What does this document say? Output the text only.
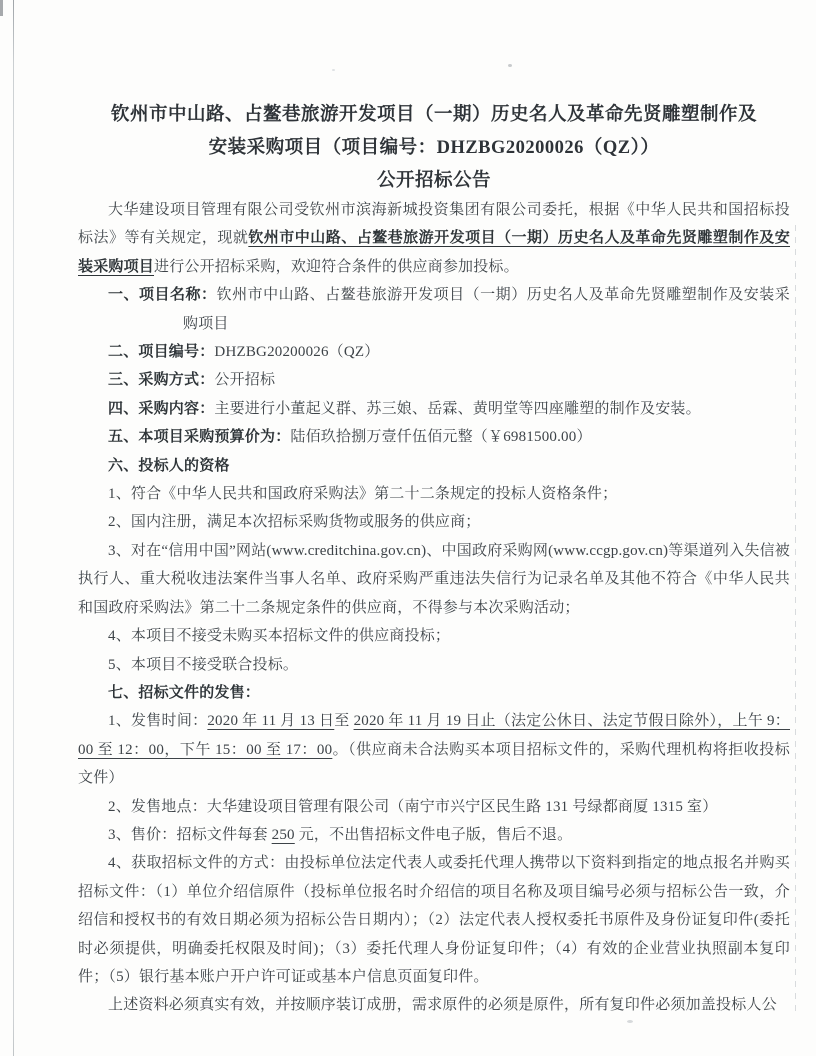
钦州市中山路、占鳌巷旅游开发项目（一期）历史名人及革命先贤雕塑制作及
安装采购项目（项目编号：DHZBG20200026（QZ））
公开招标公告

大华建设项目管理有限公司受钦州市滨海新城投资集团有限公司委托，根据《中华人民共和国招标投标法》等有关规定，现就钦州市中山路、占鳌巷旅游开发项目（一期）历史名人及革命先贤雕塑制作及安装采购项目进行公开招标采购，欢迎符合条件的供应商参加投标。

一、项目名称：钦州市中山路、占鳌巷旅游开发项目（一期）历史名人及革命先贤雕塑制作及安装采购项目

二、项目编号：DHZBG20200026（QZ）

三、采购方式：公开招标

四、采购内容：主要进行小董起义群、苏三娘、岳霖、黄明堂等四座雕塑的制作及安装。

五、本项目采购预算价为：陆佰玖拾捌万壹仟伍佰元整（￥6981500.00）

六、投标人的资格

1、符合《中华人民共和国政府采购法》第二十二条规定的投标人资格条件；

2、国内注册，满足本次招标采购货物或服务的供应商；

3、对在“信用中国”网站(www.creditchina.gov.cn)、中国政府采购网(www.ccgp.gov.cn)等渠道列入失信被执行人、重大税收违法案件当事人名单、政府采购严重违法失信行为记录名单及其他不符合《中华人民共和国政府采购法》第二十二条规定条件的供应商，不得参与本次采购活动；

4、本项目不接受未购买本招标文件的供应商投标；

5、本项目不接受联合投标。

七、招标文件的发售：

1、发售时间：2020 年 11 月 13 日至 2020 年 11 月 19 日止（法定公休日、法定节假日除外），上午 9：00 至 12：00，下午 15：00 至 17：00。（供应商未合法购买本项目招标文件的，采购代理机构将拒收投标文件）

2、发售地点：大华建设项目管理有限公司（南宁市兴宁区民生路 131 号绿都商厦 1315 室）

3、售价：招标文件每套 250 元，不出售招标文件电子版，售后不退。

4、获取招标文件的方式：由投标单位法定代表人或委托代理人携带以下资料到指定的地点报名并购买招标文件：（1）单位介绍信原件（投标单位报名时介绍信的项目名称及项目编号必须与招标公告一致，介绍信和授权书的有效日期必须为招标公告日期内）；（2）法定代表人授权委托书原件及身份证复印件(委托时必须提供，明确委托权限及时间)；（3）委托代理人身份证复印件；（4）有效的企业营业执照副本复印件；（5）银行基本账户开户许可证或基本户信息页面复印件。

上述资料必须真实有效，并按顺序装订成册，需求原件的必须是原件，所有复印件必须加盖投标人公
